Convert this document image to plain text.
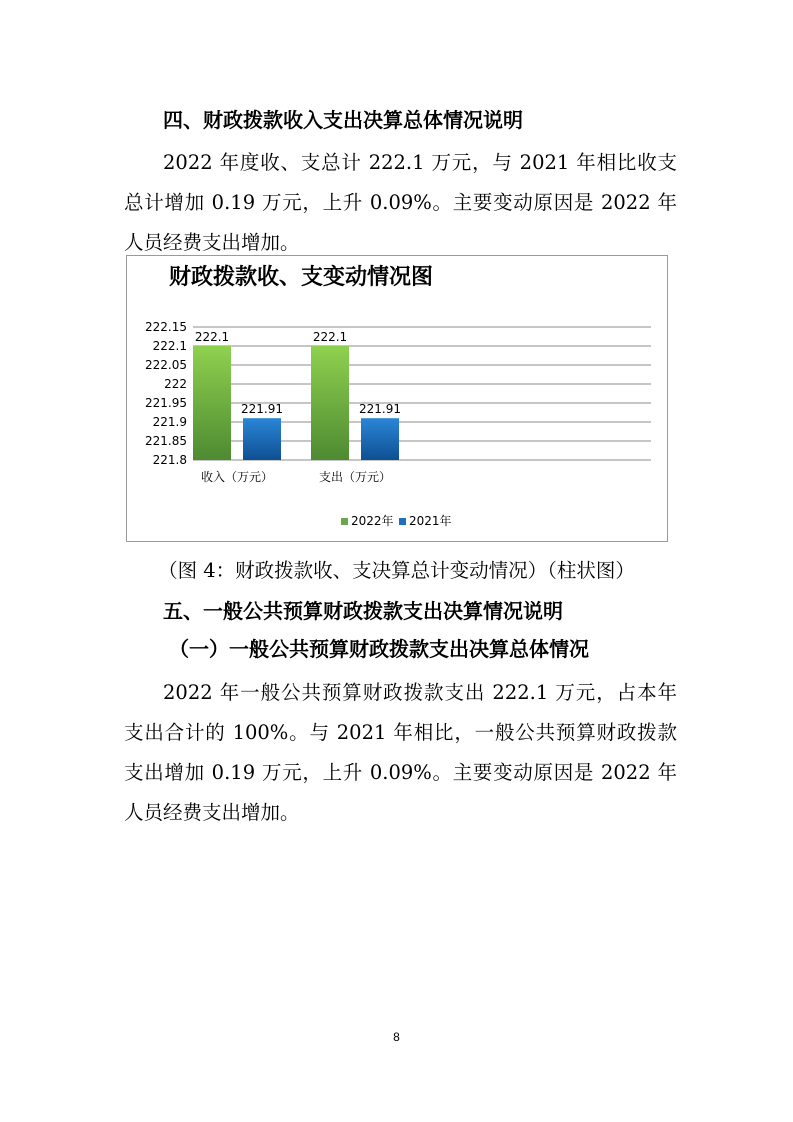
四、财政拨款收入支出决算总体情况说明
2022 年度收、支总计 222.1 万元，与 2021 年相比收支
总计增加 0.19 万元，上升 0.09%。主要变动原因是 2022 年
人员经费支出增加。
财政拨款收、支变动情况图
221.8
221.85
221.9
221.95
222
222.05
222.1
222.15
222.1
221.91
222.1
221.91
收入（万元）	支出（万元）
2022年 2021年
（图 4：财政拨款收、支决算总计变动情况）（柱状图）
五、一般公共预算财政拨款支出决算情况说明
（一）一般公共预算财政拨款支出决算总体情况
2022 年一般公共预算财政拨款支出 222.1 万元，占本年
支出合计的 100%。与 2021 年相比，一般公共预算财政拨款
支出增加 0.19 万元，上升 0.09%。主要变动原因是 2022 年
人员经费支出增加。
8
